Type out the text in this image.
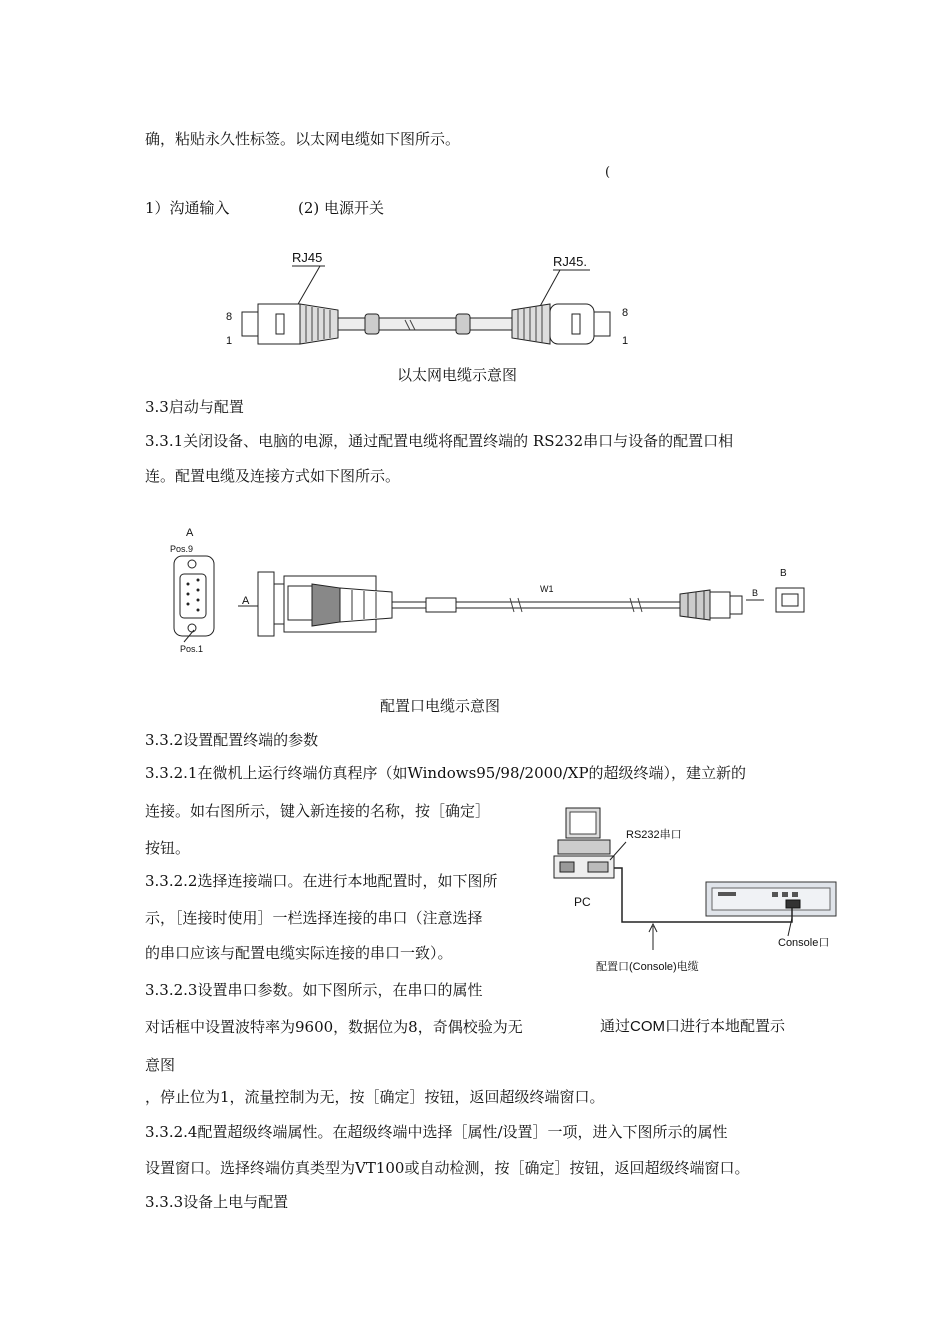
确，粘贴永久性标签。以太网电缆如下图所示。
(
1）沟通输入	(2) 电源开关
RJ45	RJ45.
8
1
8
1
以太网电缆示意图
3.3启动与配置
3.3.1关闭设备、电脑的电源，通过配置电缆将配置终端的 RS232串口与设备的配置口相
连。配置电缆及连接方式如下图所示。
A
Pos.9
Pos.1
A
W1	B
B
配置口电缆示意图
3.3.2设置配置终端的参数
3.3.2.1在微机上运行终端仿真程序（如Windows95/98/2000/XP的超级终端），建立新的
连接。如右图所示，键入新连接的名称，按［确定］
按钮。
3.3.2.2选择连接端口。在进行本地配置时，如下图所
示，［连接时使用］一栏选择连接的串口（注意选择
的串口应该与配置电缆实际连接的串口一致）。
3.3.2.3设置串口参数。如下图所示，在串口的属性
对话框中设置波特率为9600，数据位为8，奇偶校验为无
PC
RS232串口
Console口
配置口(Console)电缆
通过COM口进行本地配置示
意图
，停止位为1，流量控制为无，按［确定］按钮，返回超级终端窗口。
3.3.2.4配置超级终端属性。在超级终端中选择［属性/设置］一项，进入下图所示的属性
设置窗口。选择终端仿真类型为VT100或自动检测，按［确定］按钮，返回超级终端窗口。
3.3.3设备上电与配置
